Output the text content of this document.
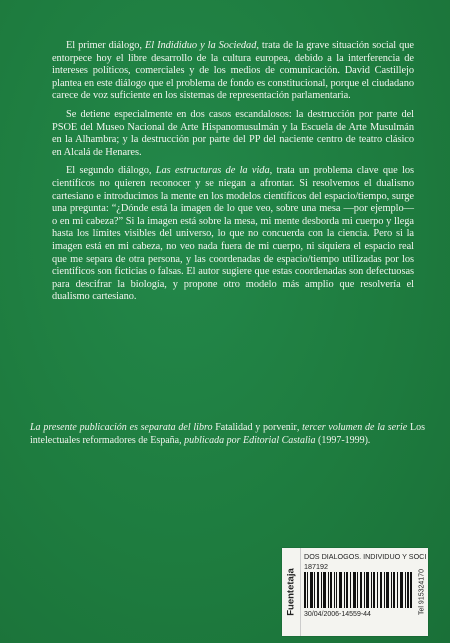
El primer diálogo, El Indididuo y la Sociedad, trata de la grave situación social que entorpece hoy el libre desarrollo de la cultura europea, debido a la interferencia de intereses políticos, comerciales y de los medios de comunicación. David Castillejo plantea en este diálogo que el problema de fondo es constitucional, porque el ciudadano carece de voz suficiente en los sistemas de representación parlamentaria.

Se detiene especialmente en dos casos escandalosos: la destrucción por parte del PSOE del Museo Nacional de Arte Hispanomusulmán y la Escuela de Arte Musulmán en la Alhambra; y la destrucción por parte del PP del naciente centro de teatro clásico en Alcalá de Henares.

El segundo diálogo, Las estructuras de la vida, trata un problema clave que los científicos no quieren reconocer y se niegan a afrontar. Si resolvemos el dualismo cartesiano e introducimos la mente en los modelos científicos del espacio/tiempo, surge una pregunta: “¿Dónde está la imagen de lo que veo, sobre una mesa —por ejemplo— o en mi cabeza?” Si la imagen está sobre la mesa, mi mente desborda mi cuerpo y llega hasta los límites visibles del universo, lo que no concuerda con la ciencia. Pero si la imagen está en mi cabeza, no veo nada fuera de mi cuerpo, ni siquiera el espacio real que me separa de otra persona, y las coordenadas de espacio/tiempo utilizadas por los científicos son ficticias o falsas. El autor sugiere que estas coordenadas son defectuosas para descifrar la biología, y propone otro modelo más amplio que resolvería el dualismo cartesiano.

La presente publicación es separata del libro Fatalidad y porvenir, tercer volumen de la serie Los intelectuales reformadores de España, publicada por Editorial Castalia (1997-1999).
Fuentetaja
DOS DIALOGOS. INDIVIDUO Y SOCI
187192
30/04/2006-14559-44	Tel 915324170
